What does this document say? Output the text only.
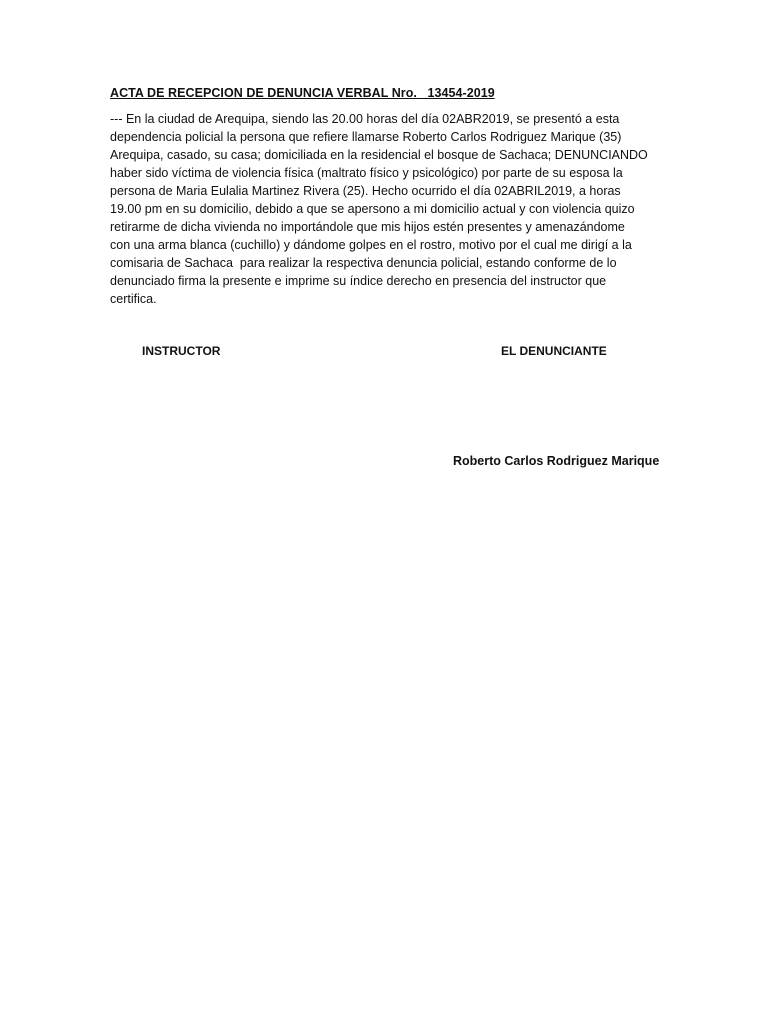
ACTA DE RECEPCION DE DENUNCIA VERBAL Nro.   13454-2019
--- En la ciudad de Arequipa, siendo las 20.00 horas del día 02ABR2019, se presentó a esta
dependencia policial la persona que refiere llamarse Roberto Carlos Rodriguez Marique (35)
Arequipa, casado, su casa; domiciliada en la residencial el bosque de Sachaca; DENUNCIANDO
haber sido víctima de violencia física (maltrato físico y psicológico) por parte de su esposa la
persona de Maria Eulalia Martinez Rivera (25). Hecho ocurrido el día 02ABRIL2019, a horas
19.00 pm en su domicilio, debido a que se apersono a mi domicilio actual y con violencia quizo
retirarme de dicha vivienda no importándole que mis hijos estén presentes y amenazándome
con una arma blanca (cuchillo) y dándome golpes en el rostro, motivo por el cual me dirigí a la
comisaria de Sachaca  para realizar la respectiva denuncia policial, estando conforme de lo
denunciado firma la presente e imprime su índice derecho en presencia del instructor que
certifica.
INSTRUCTOR	EL DENUNCIANTE
Roberto Carlos Rodriguez Marique
